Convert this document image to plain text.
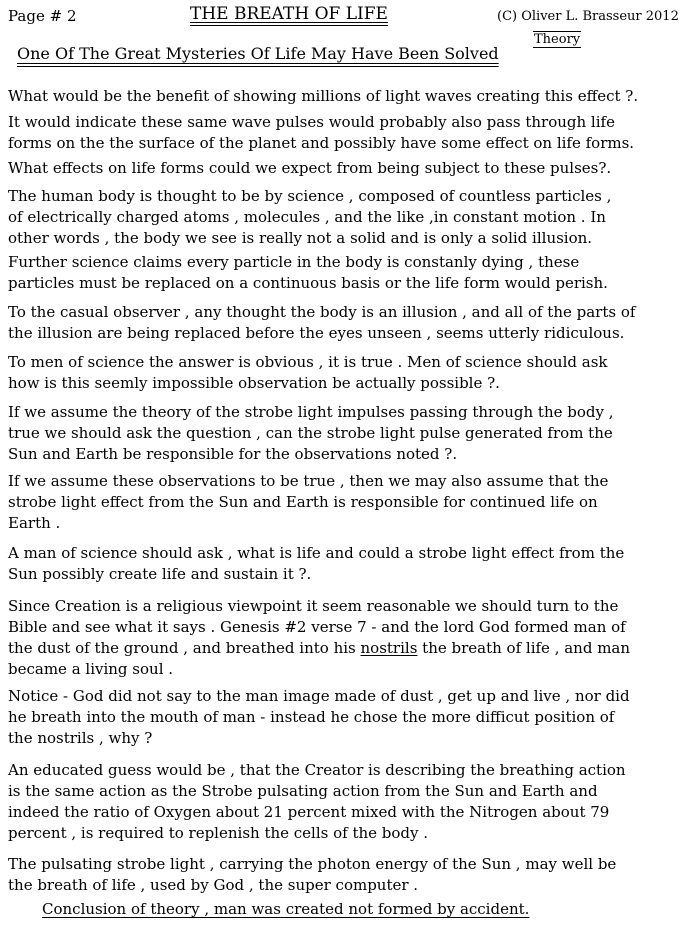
Page # 2	THE BREATH OF LIFE	(C) Oliver L. Brasseur 2012
Theory
One Of The Great Mysteries Of Life May Have Been Solved
What would be the benefit of showing millions of light waves creating this effect ?.
It would indicate these same wave pulses would probably also pass through life
forms on the the surface of the planet and possibly have some effect on life forms.
What effects on life forms could we expect from being subject to these pulses?.
The human body is thought to be by science , composed of countless particles ,
of electrically charged atoms , molecules , and the like ,in constant motion . In
other words , the body we see is really not a solid and is only a solid illusion.
Further science claims every particle in the body is constanly dying , these
particles must be replaced on a continuous basis or the life form would perish.
To the casual observer , any thought the body is an illusion , and all of the parts of
the illusion are being replaced before the eyes unseen , seems utterly ridiculous.
To men of science the answer is obvious , it is true . Men of science should ask
how is this seemly impossible observation be actually possible ?.
If we assume the theory of the strobe light impulses passing through the body ,
true we should ask the question , can the strobe light pulse generated from the
Sun and Earth be responsible for the observations noted ?.
If we assume these observations to be true , then we may also assume that the
strobe light effect from the Sun and Earth is responsible for continued life on
Earth .
A man of science should ask , what is life and could a strobe light effect from the
Sun possibly create life and sustain it ?.
Since Creation is a religious viewpoint it seem reasonable we should turn to the
Bible and see what it says . Genesis #2 verse 7 - and the lord God formed man of
the dust of the ground , and breathed into his nostrils the breath of life , and man
became a living soul .
Notice - God did not say to the man image made of dust , get up and live , nor did
he breath into the mouth of man - instead he chose the more difficut position of
the nostrils , why ?
An educated guess would be , that the Creator is describing the breathing action
is the same action as the Strobe pulsating action from the Sun and Earth and
indeed the ratio of Oxygen about 21 percent mixed with the Nitrogen about 79
percent , is required to replenish the cells of the body .
The pulsating strobe light , carrying the photon energy of the Sun , may well be
the breath of life , used by God , the super computer .
Conclusion of theory , man was created not formed by accident.
